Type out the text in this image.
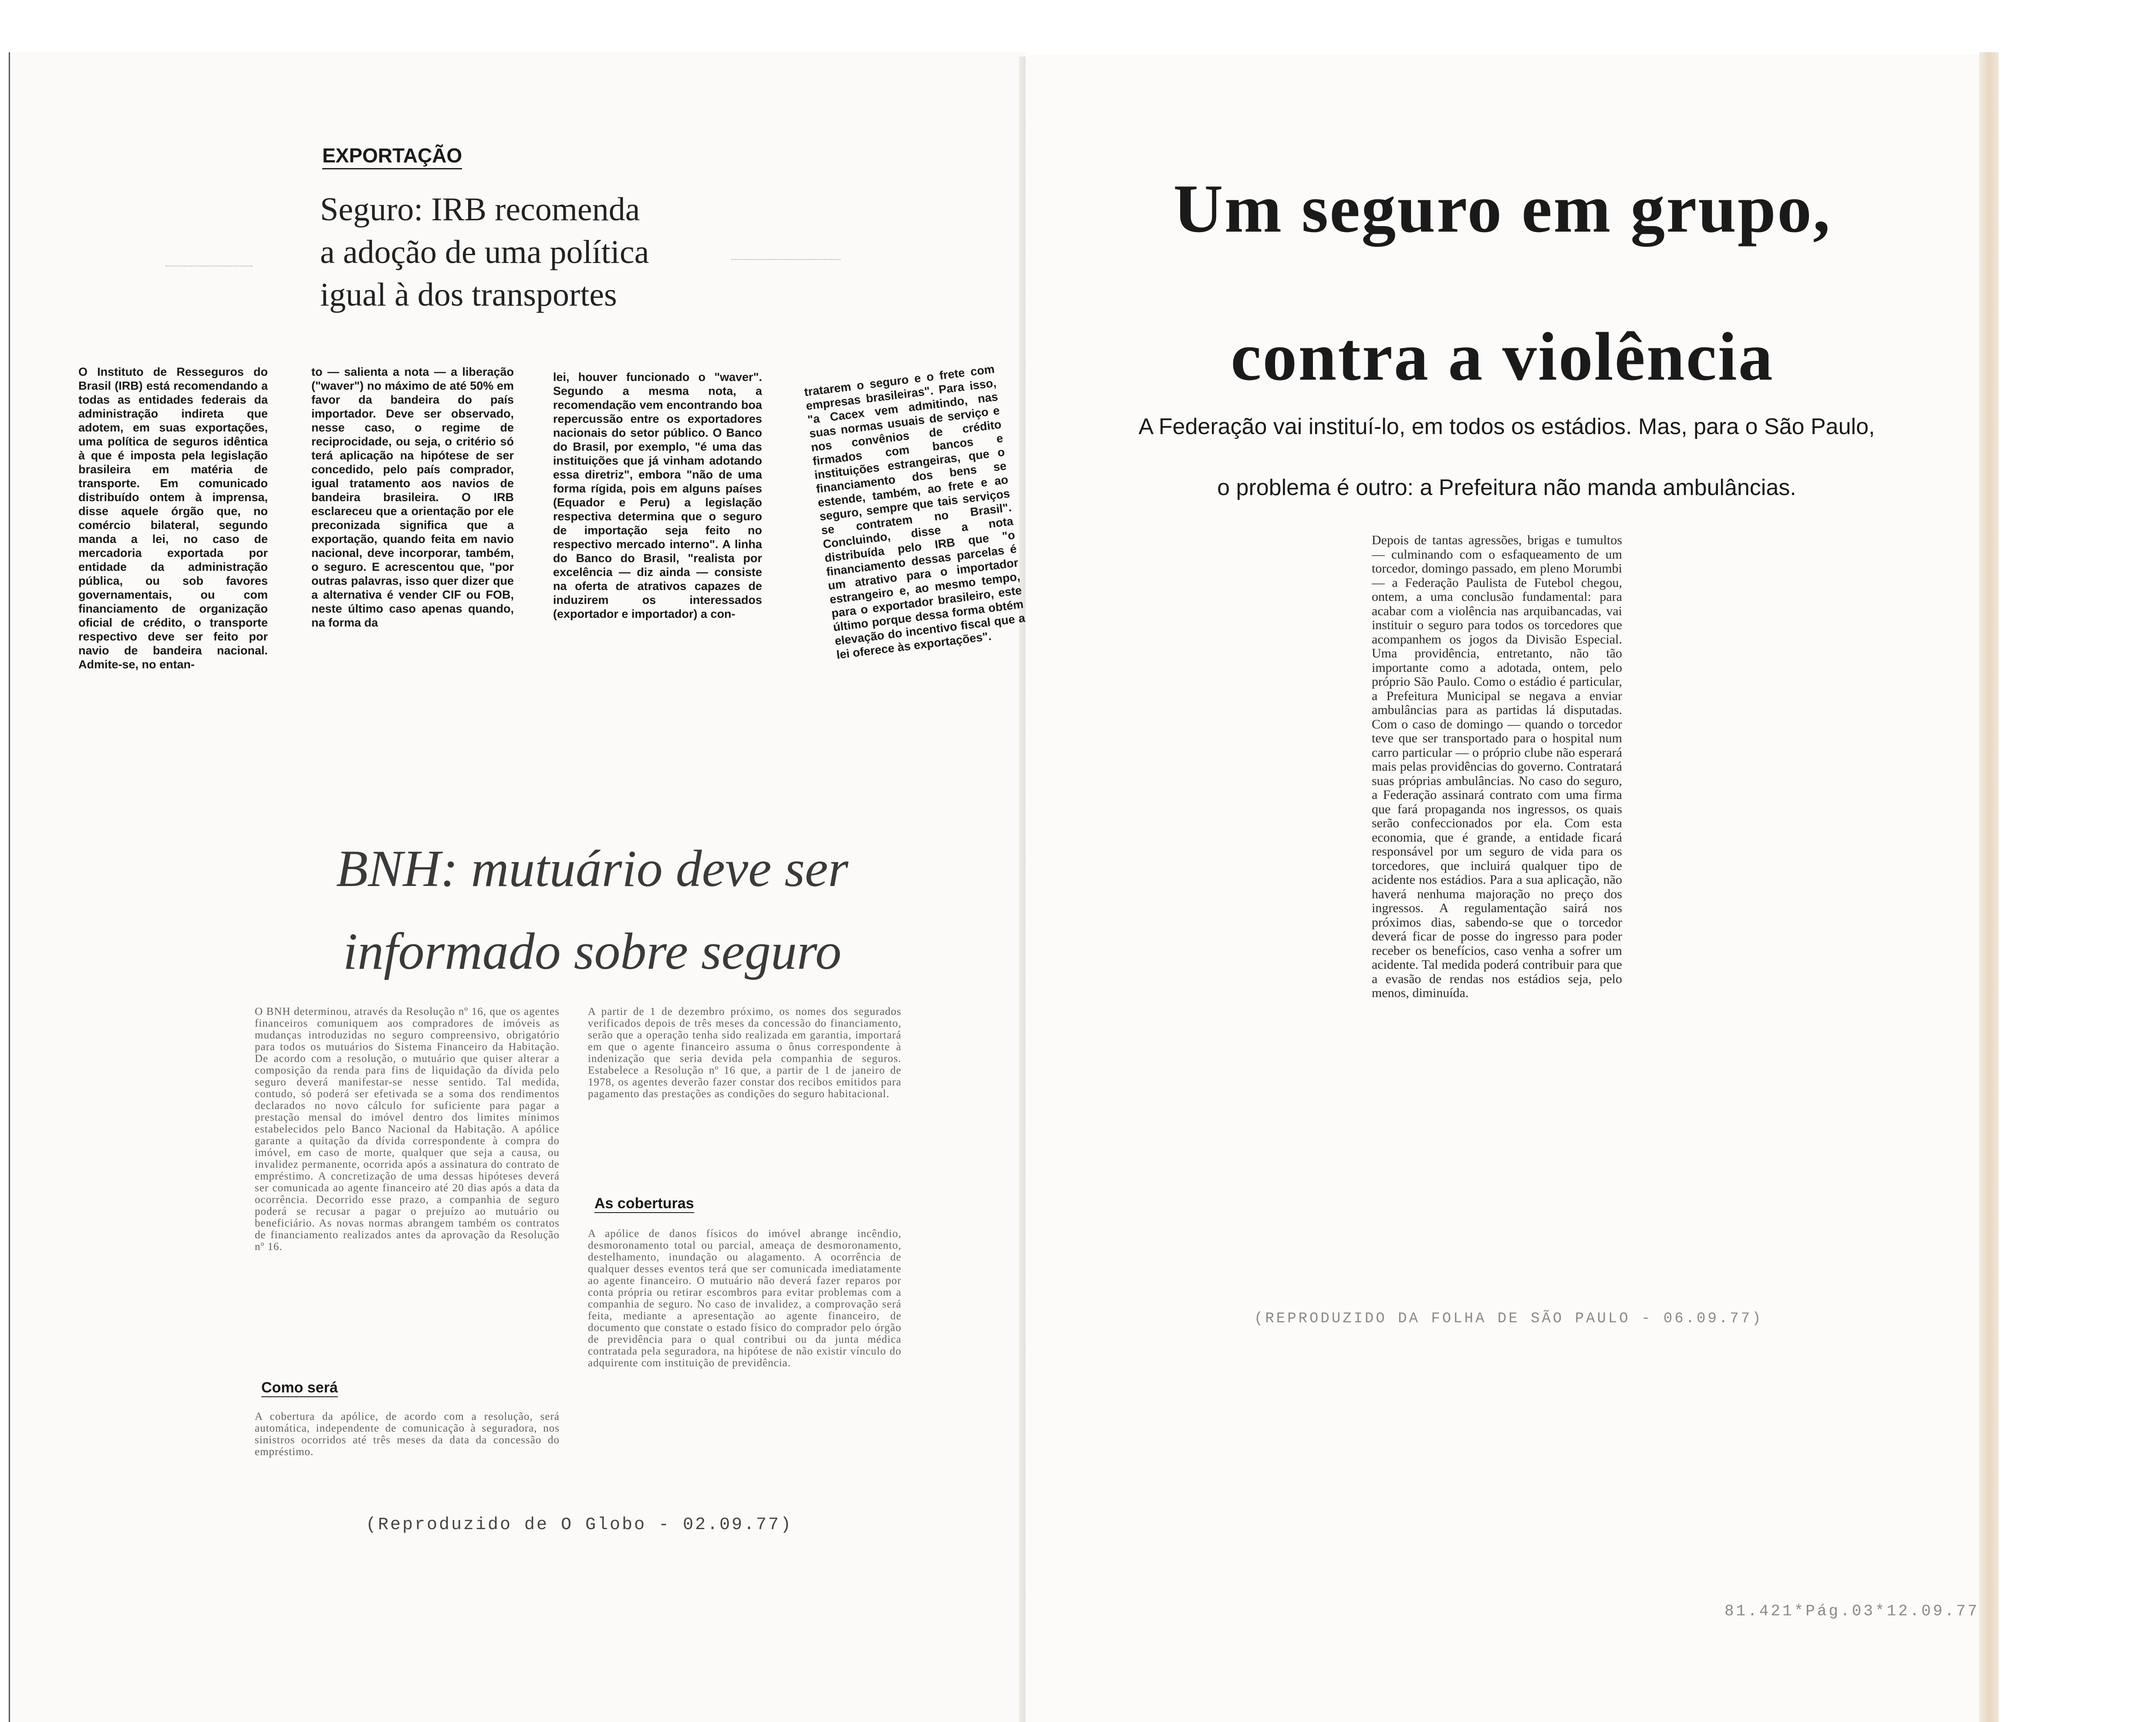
EXPORTAÇÃO
Seguro: IRB recomenda
a adoção de uma política
igual à dos transportes

O Instituto de Resseguros do Brasil (IRB) está recomendando a todas as entidades federais da administração indireta que adotem, em suas exportações, uma política de seguros idêntica à que é imposta pela legislação brasileira em matéria de transporte. Em comunicado distribuído ontem à imprensa, disse aquele órgão que, no comércio bilateral, segundo manda a lei, no caso de mercadoria exportada por entidade da administração pública, ou sob favores governamentais, ou com financiamento de organização oficial de crédito, o transporte respectivo deve ser feito por navio de bandeira nacional. Admite-se, no entan-

to — salienta a nota — a liberação ("waver") no máximo de até 50% em favor da bandeira do país importador. Deve ser observado, nesse caso, o regime de reciprocidade, ou seja, o critério só terá aplicação na hipótese de ser concedido, pelo país comprador, igual tratamento aos navios de bandeira brasileira. O IRB esclareceu que a orientação por ele preconizada significa que a exportação, quando feita em navio nacional, deve incorporar, também, o seguro. E acrescentou que, "por outras palavras, isso quer dizer que a alternativa é vender CIF ou FOB, neste último caso apenas quando, na forma da

lei, houver funcionado o "waver". Segundo a mesma nota, a recomendação vem encontrando boa repercussão entre os exportadores nacionais do setor público. O Banco do Brasil, por exemplo, "é uma das instituições que já vinham adotando essa diretriz", embora "não de uma forma rígida, pois em alguns países (Equador e Peru) a legislação respectiva determina que o seguro de importação seja feito no respectivo mercado interno". A linha do Banco do Brasil, "realista por excelência — diz ainda — consiste na oferta de atrativos capazes de induzirem os interessados (exportador e importador) a con-

tratarem o seguro e o frete com empresas brasileiras". Para isso, "a Cacex vem admitindo, nas suas normas usuais de serviço e nos convênios de crédito firmados com bancos e instituições estrangeiras, que o financiamento dos bens se estende, também, ao frete e ao seguro, sempre que tais serviços se contratem no Brasil". Concluindo, disse a nota distribuída pelo IRB que "o financiamento dessas parcelas é um atrativo para o importador estrangeiro e, ao mesmo tempo, para o exportador brasileiro, este último porque dessa forma obtém elevação do incentivo fiscal que a lei oferece às exportações".

BNH: mutuário deve ser
informado sobre seguro

O BNH determinou, através da Resolução nº 16, que os agentes financeiros comuniquem aos compradores de imóveis as mudanças introduzidas no seguro compreensivo, obrigatório para todos os mutuários do Sistema Financeiro da Habitação. De acordo com a resolução, o mutuário que quiser alterar a composição da renda para fins de liquidação da dívida pelo seguro deverá manifestar-se nesse sentido. Tal medida, contudo, só poderá ser efetivada se a soma dos rendimentos declarados no novo cálculo for suficiente para pagar a prestação mensal do imóvel dentro dos limites mínimos estabelecidos pelo Banco Nacional da Habitação. A apólice garante a quitação da dívida correspondente à compra do imóvel, em caso de morte, qualquer que seja a causa, ou invalidez permanente, ocorrida após a assinatura do contrato de empréstimo. A concretização de uma dessas hipóteses deverá ser comunicada ao agente financeiro até 20 dias após a data da ocorrência. Decorrido esse prazo, a companhia de seguro poderá se recusar a pagar o prejuízo ao mutuário ou beneficiário. As novas normas abrangem também os contratos de financiamento realizados antes da aprovação da Resolução nº 16.

Como será

A cobertura da apólice, de acordo com a resolução, será automática, independente de comunicação à seguradora, nos sinistros ocorridos até três meses da data da concessão do empréstimo.

A partir de 1 de dezembro próximo, os nomes dos segurados verificados depois de três meses da concessão do financiamento, serão que a operação tenha sido realizada em garantia, importará em que o agente financeiro assuma o ônus correspondente à indenização que seria devida pela companhia de seguros. Estabelece a Resolução nº 16 que, a partir de 1 de janeiro de 1978, os agentes deverão fazer constar dos recibos emitidos para pagamento das prestações as condições do seguro habitacional.

As coberturas

A apólice de danos físicos do imóvel abrange incêndio, desmoronamento total ou parcial, ameaça de desmoronamento, destelhamento, inundação ou alagamento. A ocorrência de qualquer desses eventos terá que ser comunicada imediatamente ao agente financeiro. O mutuário não deverá fazer reparos por conta própria ou retirar escombros para evitar problemas com a companhia de seguro. No caso de invalidez, a comprovação será feita, mediante a apresentação ao agente financeiro, de documento que constate o estado físico do comprador pelo órgão de previdência para o qual contribui ou da junta médica contratada pela seguradora, na hipótese de não existir vínculo do adquirente com instituição de previdência.

(Reproduzido de O Globo - 02.09.77)
Um seguro em grupo,
contra a violência
A Federação vai instituí-lo, em todos os estádios. Mas, para o São Paulo,
o problema é outro: a Prefeitura não manda ambulâncias.

Depois de tantas agressões, brigas e tumultos — culminando com o esfaqueamento de um torcedor, domingo passado, em pleno Morumbi — a Federação Paulista de Futebol chegou, ontem, a uma conclusão fundamental: para acabar com a violência nas arquibancadas, vai instituir o seguro para todos os torcedores que acompanhem os jogos da Divisão Especial. Uma providência, entretanto, não tão importante como a adotada, ontem, pelo próprio São Paulo. Como o estádio é particular, a Prefeitura Municipal se negava a enviar ambulâncias para as partidas lá disputadas. Com o caso de domingo — quando o torcedor teve que ser transportado para o hospital num carro particular — o próprio clube não esperará mais pelas providências do governo. Contratará suas próprias ambulâncias. No caso do seguro, a Federação assinará contrato com uma firma que fará propaganda nos ingressos, os quais serão confeccionados por ela. Com esta economia, que é grande, a entidade ficará responsável por um seguro de vida para os torcedores, que incluirá qualquer tipo de acidente nos estádios. Para a sua aplicação, não haverá nenhuma majoração no preço dos ingressos. A regulamentação sairá nos próximos dias, sabendo-se que o torcedor deverá ficar de posse do ingresso para poder receber os benefícios, caso venha a sofrer um acidente. Tal medida poderá contribuir para que a evasão de rendas nos estádios seja, pelo menos, diminuída.

(REPRODUZIDO DA FOLHA DE SÃO PAULO - 06.09.77)
81.421*Pág.03*12.09.77
